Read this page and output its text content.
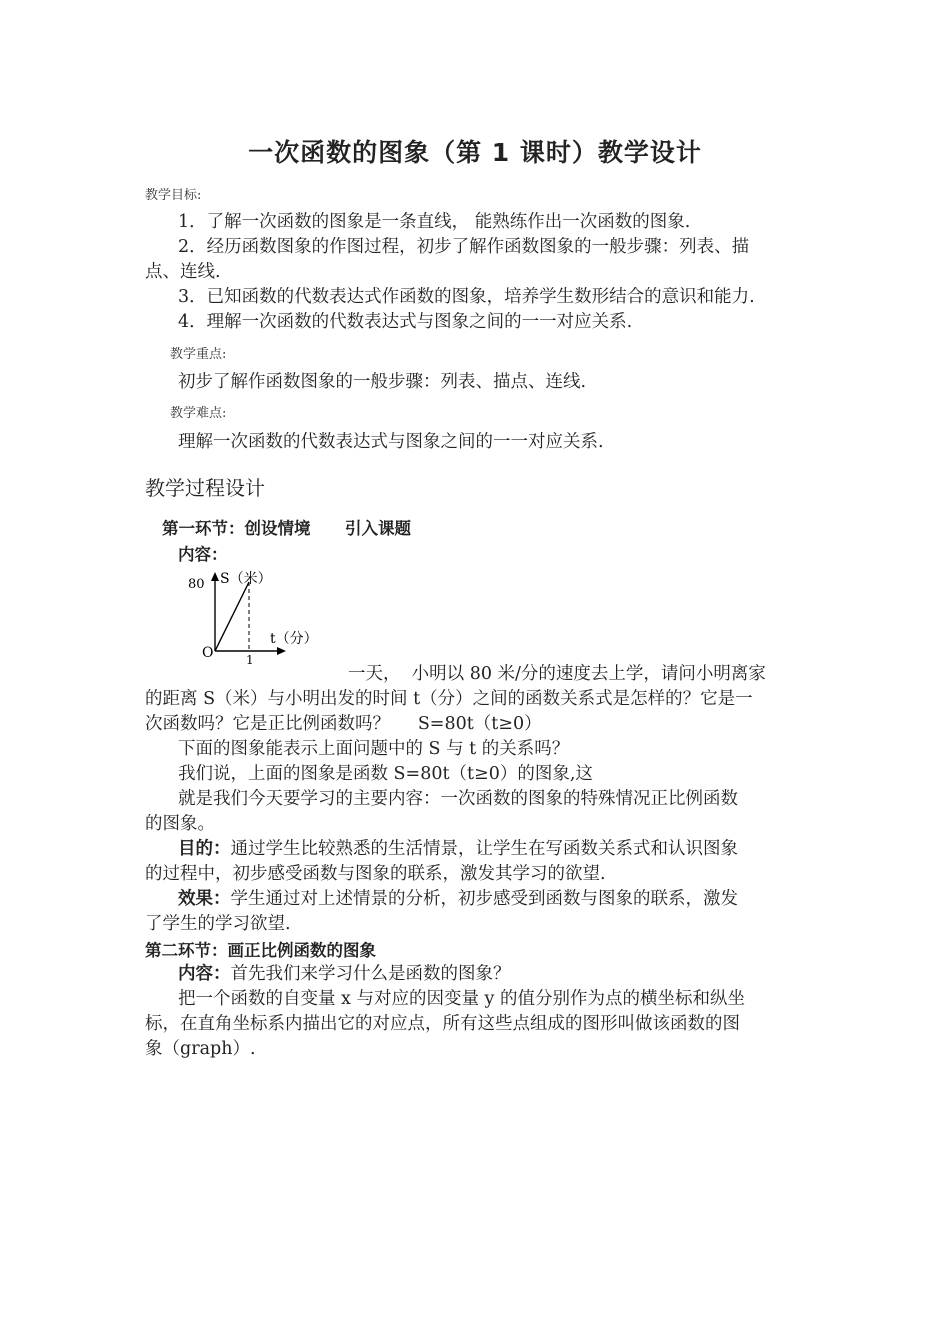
一次函数的图象（第 1 课时）教学设计
教学目标:
1．了解一次函数的图象是一条直线， 能熟练作出一次函数的图象.
2．经历函数图象的作图过程，初步了解作函数图象的一般步骤：列表、描
点、连线.
3．已知函数的代数表达式作函数的图象，培养学生数形结合的意识和能力.
4．理解一次函数的代数表达式与图象之间的一一对应关系.
教学重点:
初步了解作函数图象的一般步骤：列表、描点、连线.
教学难点:
理解一次函数的代数表达式与图象之间的一一对应关系.
教学过程设计
第一环节：创设情境      引入课题
内容：
80 S（米）
t（分）
O	1
一天，  小明以 80 米/分的速度去上学，请问小明离家
的距离 S（米）与小明出发的时间 t（分）之间的函数关系式是怎样的？它是一
次函数吗？它是正比例函数吗？     S=80t（t≥0）
下面的图象能表示上面问题中的 S 与 t 的关系吗？
我们说，上面的图象是函数 S=80t（t≥0）的图象,这
就是我们今天要学习的主要内容：一次函数的图象的特殊情况正比例函数
的图象。
目的：通过学生比较熟悉的生活情景，让学生在写函数关系式和认识图象
的过程中，初步感受函数与图象的联系，激发其学习的欲望.
效果：学生通过对上述情景的分析，初步感受到函数与图象的联系，激发
了学生的学习欲望.
第二环节：画正比例函数的图象
内容：首先我们来学习什么是函数的图象？
把一个函数的自变量 x 与对应的因变量 y 的值分别作为点的横坐标和纵坐
标，在直角坐标系内描出它的对应点，所有这些点组成的图形叫做该函数的图
象（graph）.
